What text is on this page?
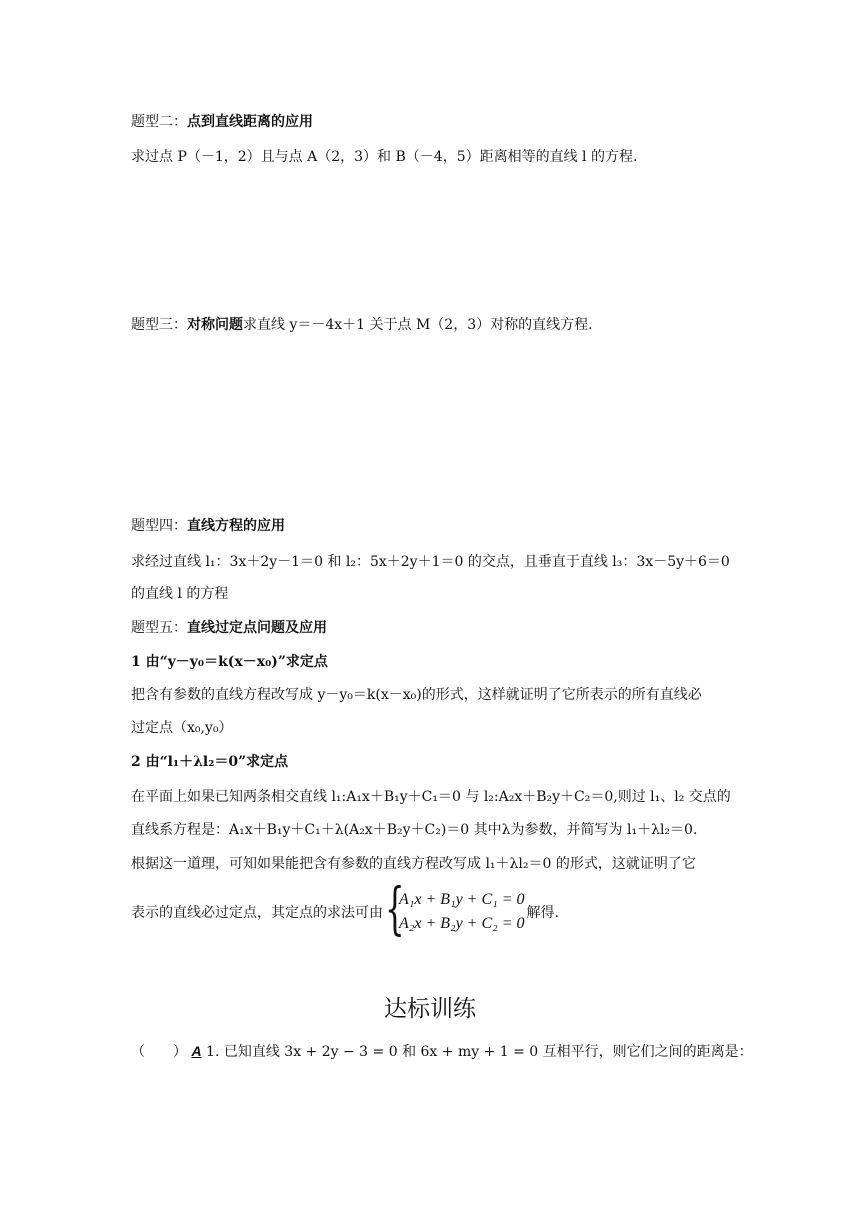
题型二：点到直线距离的应用
求过点 P（－1，2）且与点 A（2，3）和 B（－4，5）距离相等的直线 l 的方程.
题型三：对称问题求直线 y＝－4x＋1 关于点 M（2，3）对称的直线方程.
题型四：直线方程的应用
求经过直线 l₁：3x＋2y－1＝0 和 l₂：5x＋2y＋1＝0 的交点，且垂直于直线 l₃：3x－5y＋6＝0
的直线 l 的方程
题型五：直线过定点问题及应用
1 由“y－y₀＝k(x－x₀)”求定点
把含有参数的直线方程改写成 y－y₀＝k(x－x₀)的形式，这样就证明了它所表示的所有直线必
过定点（x₀,y₀）
2 由“l₁＋λl₂＝0”求定点
在平面上如果已知两条相交直线 l₁:A₁x＋B₁y＋C₁＝0 与 l₂:A₂x＋B₂y＋C₂＝0,则过 l₁、l₂ 交点的
直线系方程是：A₁x＋B₁y＋C₁＋λ(A₂x＋B₂y＋C₂)＝0 其中λ为参数，并简写为 l₁＋λl₂＝0.
根据这一道理，可知如果能把含有参数的直线方程改写成 l₁＋λl₂＝0 的形式，这就证明了它
表示的直线必过定点，其定点的求法可由 {
A₁x + B₁y + C₁ = 0
A₂x + B₂y + C₂ = 0
解得.
达标训练
（　　） A 1. 已知直线 3x + 2y − 3 = 0 和 6x + my + 1 = 0 互相平行，则它们之间的距离是：
